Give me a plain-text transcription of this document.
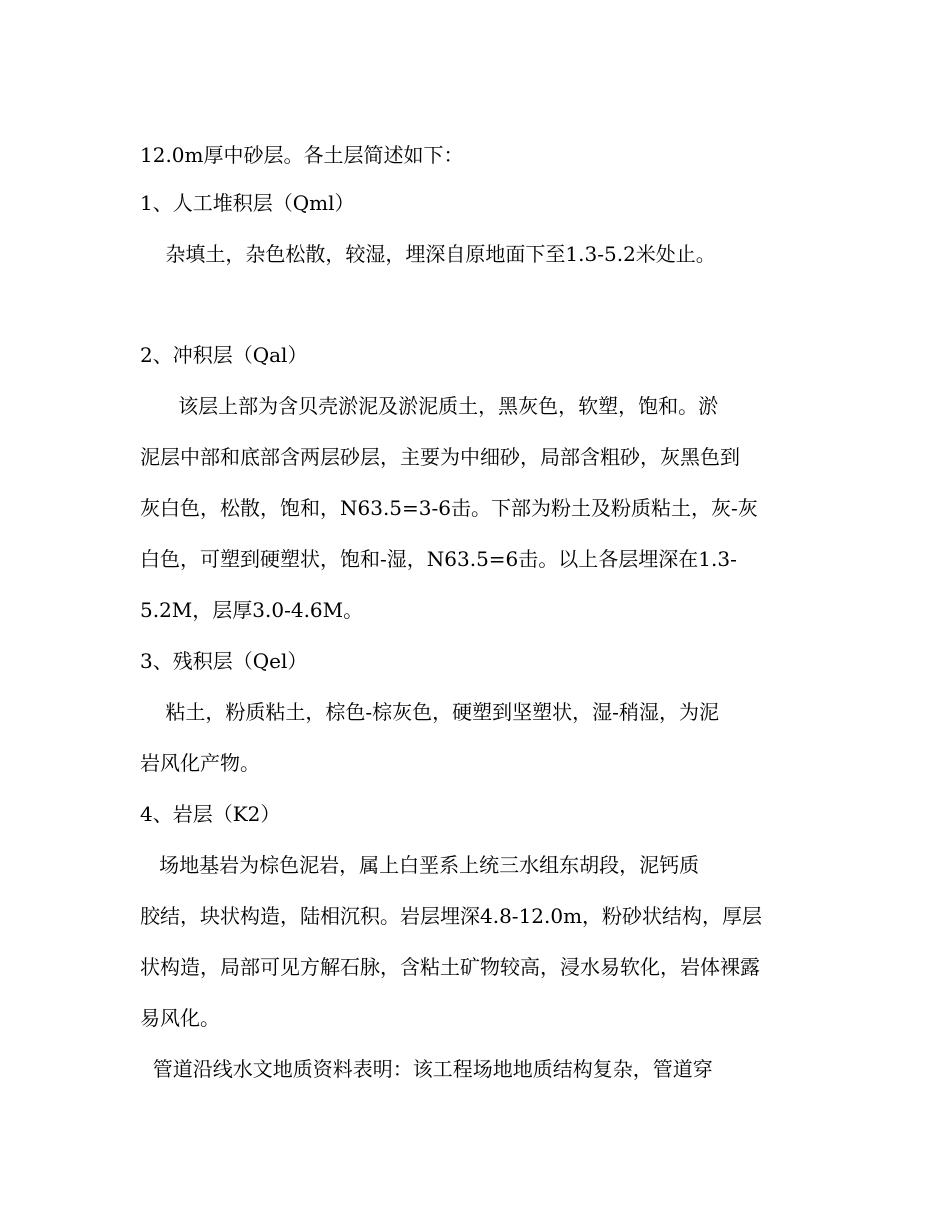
12.0m厚中砂层。各土层简述如下：
1、人工堆积层（Qml）
杂填土，杂色松散，较湿，埋深自原地面下至1.3-5.2米处止。
2、冲积层（Qal）
该层上部为含贝壳淤泥及淤泥质土，黑灰色，软塑，饱和。淤
泥层中部和底部含两层砂层，主要为中细砂，局部含粗砂，灰黑色到
灰白色，松散，饱和，N63.5=3-6击。下部为粉土及粉质粘土，灰-灰
白色，可塑到硬塑状，饱和-湿，N63.5=6击。以上各层埋深在1.3-
5.2M，层厚3.0-4.6M。
3、残积层（Qel）
粘土，粉质粘土，棕色-棕灰色，硬塑到坚塑状，湿-稍湿，为泥
岩风化产物。
4、岩层（K2）
场地基岩为棕色泥岩，属上白垩系上统三水组东胡段，泥钙质
胶结，块状构造，陆相沉积。岩层埋深4.8-12.0m，粉砂状结构，厚层
状构造，局部可见方解石脉，含粘土矿物较高，浸水易软化，岩体裸露
易风化。
管道沿线水文地质资料表明：该工程场地地质结构复杂，管道穿
